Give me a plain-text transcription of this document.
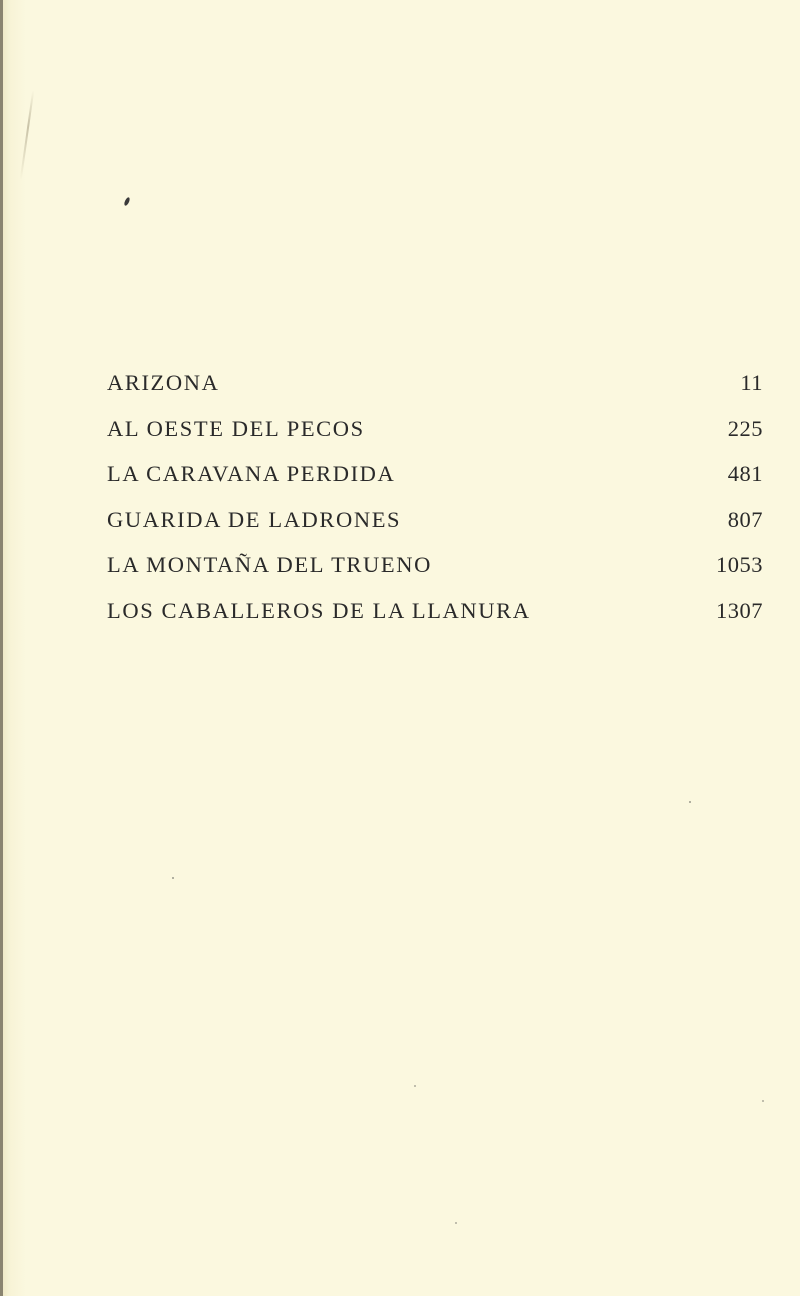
ARIZONA	11
AL OESTE DEL PECOS	225
LA CARAVANA PERDIDA	481
GUARIDA DE LADRONES	807
LA MONTAÑA DEL TRUENO	1053
LOS CABALLEROS DE LA LLANURA	1307
